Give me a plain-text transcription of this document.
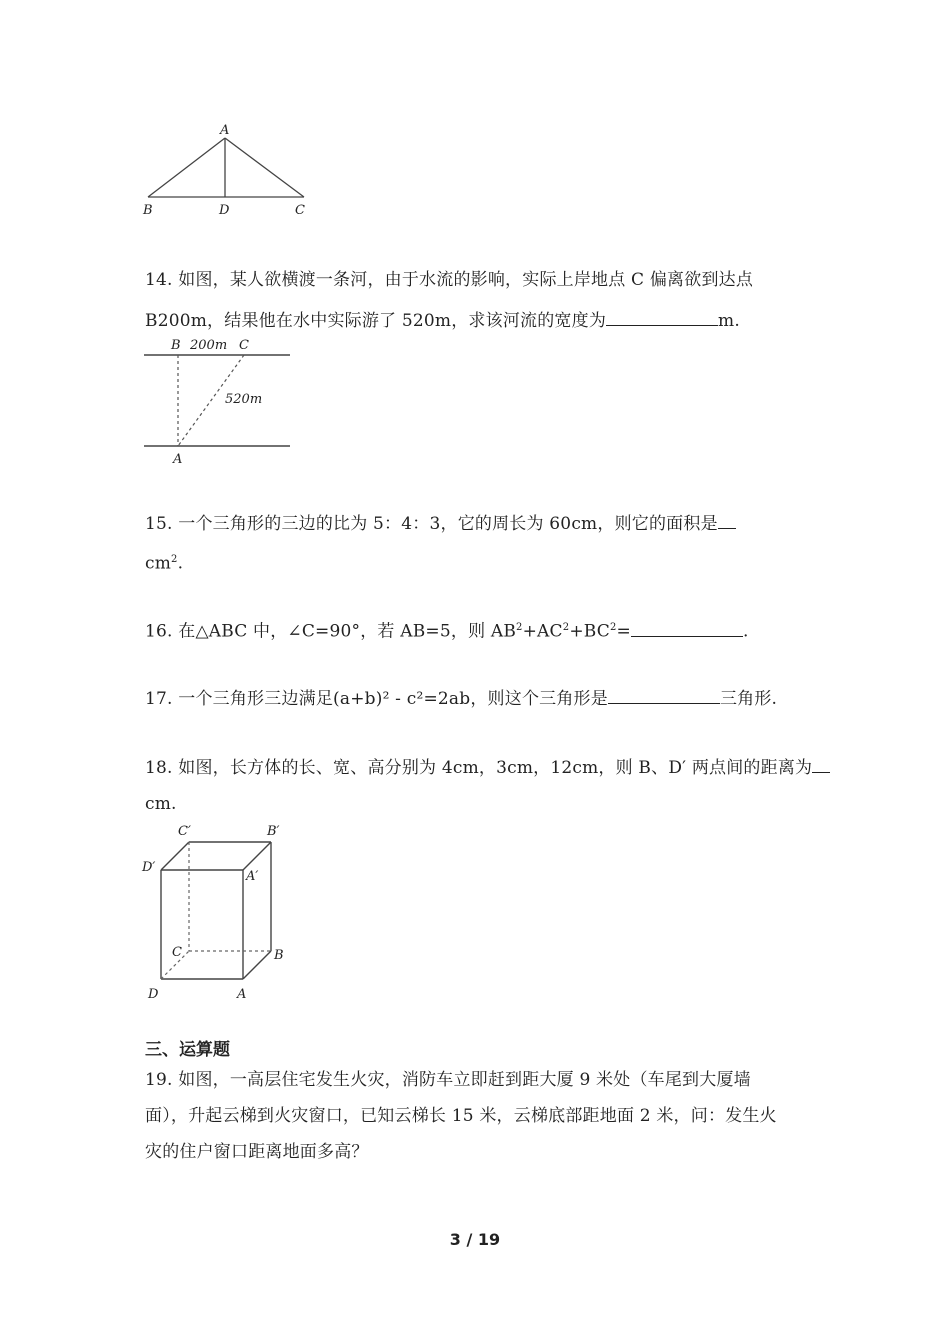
A
B	D	C
14. 如图，某人欲横渡一条河，由于水流的影响，实际上岸地点 C 偏离欲到达点
B200m，结果他在水中实际游了 520m，求该河流的宽度为	m.
B 200m C
520m
A
15. 一个三角形的三边的比为 5：4：3，它的周长为 60cm，则它的面积是
$cm^2$.
16. 在△ABC 中，∠C=90°，若 AB=5，则 $AB^2+AC^2+BC^2=$	.
17. 一个三角形三边满足(a+b)² - c²=2ab，则这个三角形是	三角形.
18. 如图，长方体的长、宽、高分别为 4cm，3cm，12cm，则 B、D′ 两点间的距离为
cm.
C′	B′
D′
A′
C	B
D	A
三、运算题
19. 如图，一高层住宅发生火灾，消防车立即赶到距大厦 9 米处（车尾到大厦墙
面），升起云梯到火灾窗口，已知云梯长 15 米，云梯底部距地面 2 米，问：发生火
灾的住户窗口距离地面多高？
3 / 19
